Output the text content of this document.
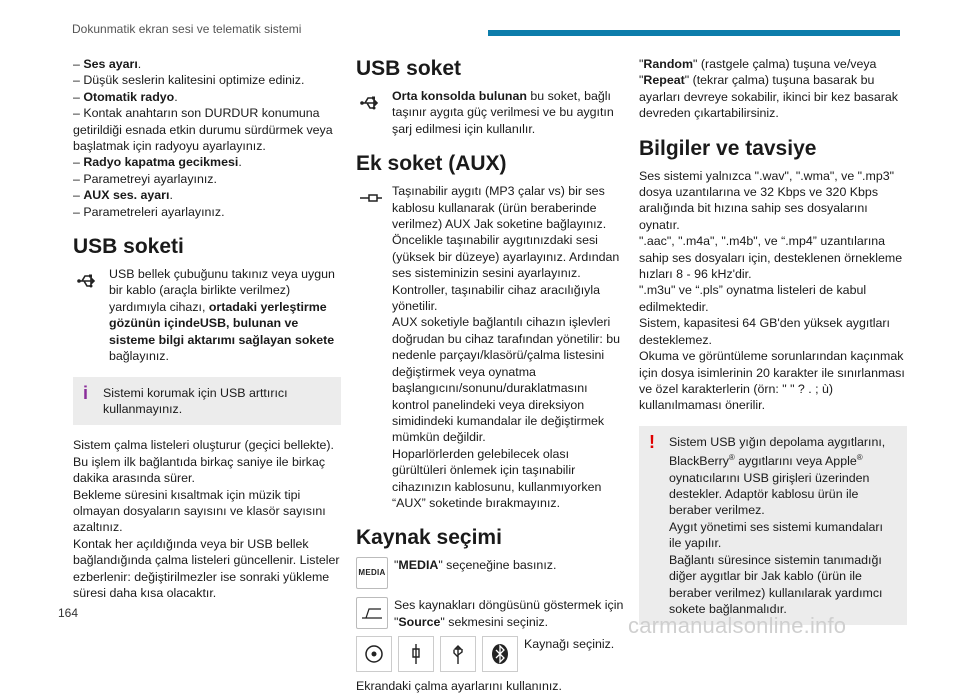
Dokunmatik ekran sesi ve telematik sistemi

– Ses ayarı.

– Düşük seslerin kalitesini optimize ediniz.

– Otomatik radyo.

– Kontak anahtarın son DURDUR konumuna getirildiği esnada etkin durumu sürdürmek veya başlatmak için radyoyu ayarlayınız.

– Radyo kapatma gecikmesi.

– Parametreyi ayarlayınız.

– AUX ses. ayarı.

– Parametreleri ayarlayınız.

USB soketi

USB bellek çubuğunu takınız veya uygun bir kablo (araçla birlikte verilmez) yardımıyla cihazı, ortadaki yerleştirme gözünün içindeUSB, bulunan ve sisteme bilgi aktarımı sağlayan sokete bağlayınız.

i Sistemi korumak için USB arttırıcı kullanmayınız.

Sistem çalma listeleri oluşturur (geçici bellekte). Bu işlem ilk bağlantıda birkaç saniye ile birkaç dakika arasında sürer.
Bekleme süresini kısaltmak için müzik tipi olmayan dosyaların sayısını ve klasör sayısını azaltınız.
Kontak her açıldığında veya bir USB bellek bağlandığında çalma listeleri güncellenir. Listeler ezberlenir: değiştirilmezler ise sonraki yükleme süresi daha kısa olacaktır.

USB soket

Orta konsolda bulunan bu soket, bağlı taşınır aygıta güç verilmesi ve bu aygıtın şarj edilmesi için kullanılır.

Ek soket (AUX)

Taşınabilir aygıtı (MP3 çalar vs) bir ses kablosu kullanarak (ürün beraberinde verilmez) AUX Jak soketine bağlayınız.
Öncelikle taşınabilir aygıtınızdaki sesi (yüksek bir düzeye) ayarlayınız. Ardından ses sisteminizin sesini ayarlayınız.
Kontroller, taşınabilir cihaz aracılığıyla yönetilir.
AUX soketiyle bağlantılı cihazın işlevleri doğrudan bu cihaz tarafından yönetilir: bu nedenle parçayı/klasörü/çalma listesini değiştirmek veya oynatma başlangıcını/sonunu/duraklatmasını kontrol panelindeki veya direksiyon simidindeki kumandalar ile değiştirmek mümkün değildir.
Hoparlörlerden gelebilecek olası gürültüleri önlemek için taşınabilir cihazınızın kablosunu, kullanmıyorken “AUX” soketinde bırakmayınız.

Kaynak seçimi
MEDIA

"MEDIA" seçeneğine basınız.

Ses kaynakları döngüsünü göstermek için "Source" sekmesini seçiniz.

Kaynağı seçiniz.

Ekrandaki çalma ayarlarını kullanınız.

"Random" (rastgele çalma) tuşuna ve/veya "Repeat" (tekrar çalma) tuşuna basarak bu ayarları devreye sokabilir, ikinci bir kez basarak devreden çıkartabilirsiniz.

Bilgiler ve tavsiye

Ses sistemi yalnızca ".wav", ".wma", ve ".mp3" dosya uzantılarına ve 32 Kbps ve 320 Kbps aralığında bit hızına sahip ses dosyalarını oynatır.
".aac", ".m4a", ".m4b", ve “.mp4” uzantılarına sahip ses dosyaları için, desteklenen örnekleme hızları 8 - 96 kHz'dir.
".m3u" ve “.pls” oynatma listeleri de kabul edilmektedir.
Sistem, kapasitesi 64 GB'den yüksek aygıtları desteklemez.
Okuma ve görüntüleme sorunlarından kaçınmak için dosya isimlerinin 20 karakter ile sınırlanması ve özel karakterlerin (örn: " " ? . ; ù) kullanılmaması önerilir.

! Sistem USB yığın depolama aygıtlarını, BlackBerry® aygıtlarını veya Apple® oynatıcılarını USB girişleri üzerinden destekler. Adaptör kablosu ürün ile beraber verilmez.
Aygıt yönetimi ses sistemi kumandaları ile yapılır.
Bağlantı süresince sistemin tanımadığı diğer aygıtlar bir Jak kablo (ürün ile beraber verilmez) kullanılarak yardımcı sokete bağlanmalıdır.

164	carmanualsonline.info
